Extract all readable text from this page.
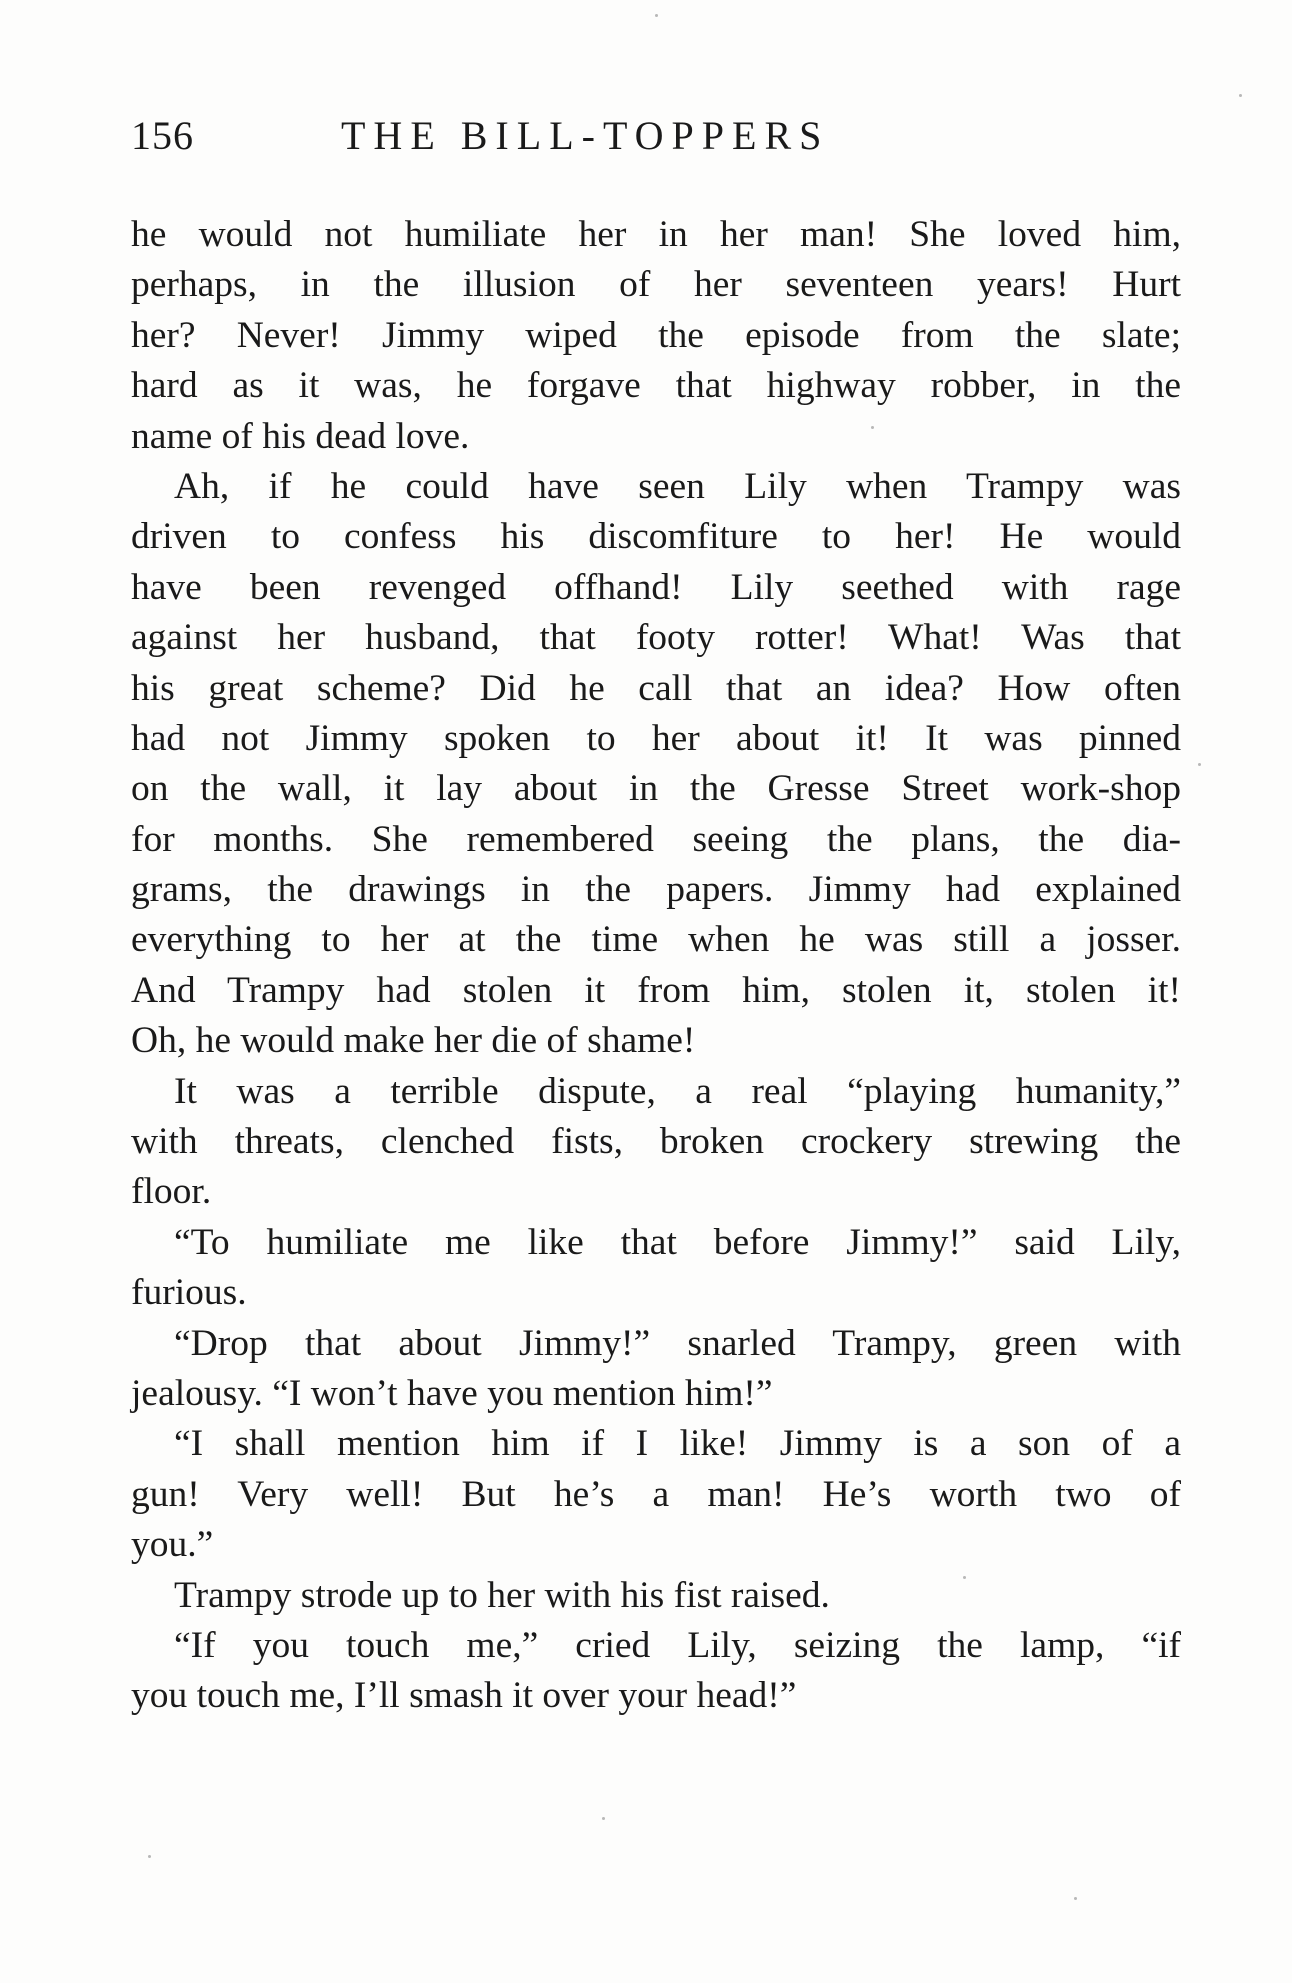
156	THE BILL-TOPPERS
he would not humiliate her in her man! She loved him,
perhaps, in the illusion of her seventeen years! Hurt
her? Never! Jimmy wiped the episode from the slate;
hard as it was, he forgave that highway robber, in the
name of his dead love.
Ah, if he could have seen Lily when Trampy was
driven to confess his discomfiture to her! He would
have been revenged offhand! Lily seethed with rage
against her husband, that footy rotter! What! Was that
his great scheme? Did he call that an idea? How often
had not Jimmy spoken to her about it! It was pinned
on the wall, it lay about in the Gresse Street work-shop
for months. She remembered seeing the plans, the dia-
grams, the drawings in the papers. Jimmy had explained
everything to her at the time when he was still a josser.
And Trampy had stolen it from him, stolen it, stolen it!
Oh, he would make her die of shame!
It was a terrible dispute, a real “playing humanity,”
with threats, clenched fists, broken crockery strewing the
floor.
“To humiliate me like that before Jimmy!” said Lily,
furious.
“Drop that about Jimmy!” snarled Trampy, green with
jealousy. “I won’t have you mention him!”
“I shall mention him if I like! Jimmy is a son of a
gun! Very well! But he’s a man! He’s worth two of
you.”
Trampy strode up to her with his fist raised.
“If you touch me,” cried Lily, seizing the lamp, “if
you touch me, I’ll smash it over your head!”
